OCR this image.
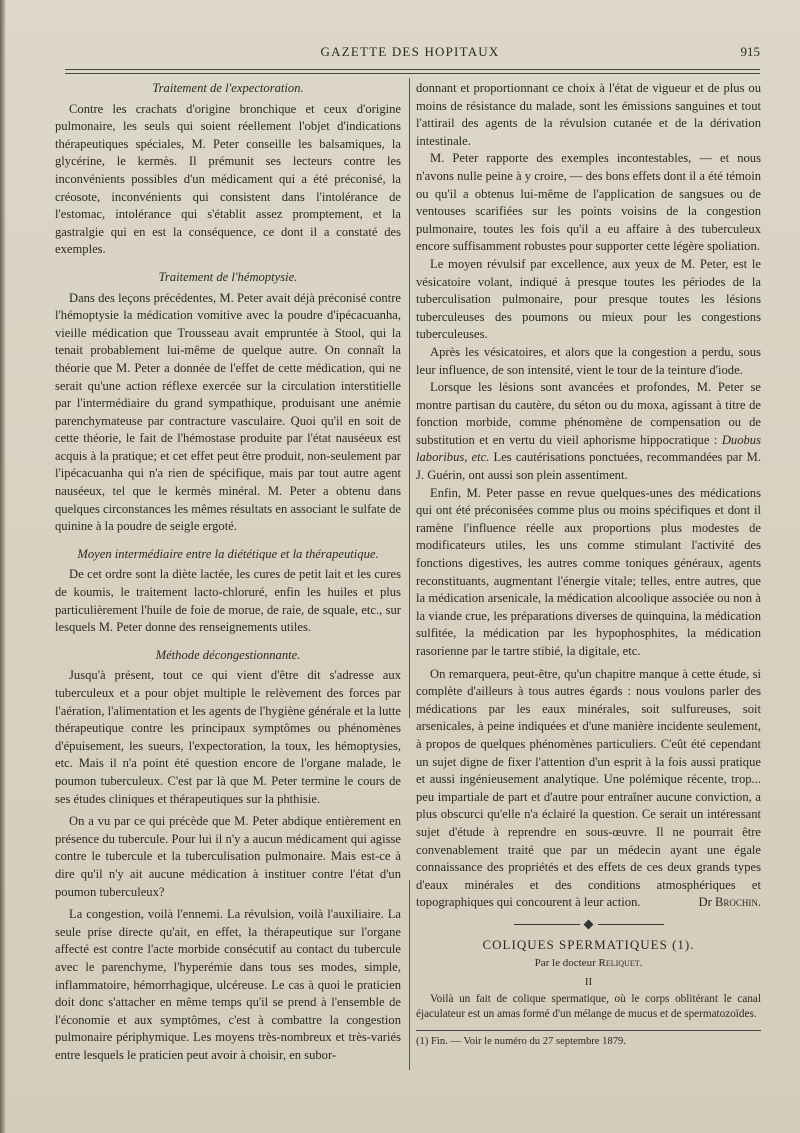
GAZETTE DES HOPITAUX	915
Traitement de l'expectoration.

Contre les crachats d'origine bronchique et ceux d'origine pulmonaire, les seuls qui soient réellement l'objet d'indications thérapeutiques spéciales, M. Peter conseille les balsamiques, la glycérine, le kermès. Il prémunit ses lecteurs contre les inconvénients possibles d'un médicament qui a été préconisé, la créosote, inconvénients qui consistent dans l'intolérance de l'estomac, intolérance qui s'établit assez promptement, et la gastralgie qui en est la conséquence, ce dont il a constaté des exemples.

Traitement de l'hémoptysie.

Dans des leçons précédentes, M. Peter avait déjà préconisé contre l'hémoptysie la médication vomitive avec la poudre d'ipécacuanha, vieille médication que Trousseau avait empruntée à Stool, qui la tenait probablement lui-même de quelque autre. On connaît la théorie que M. Peter a donnée de l'effet de cette médication, qui ne serait qu'une action réflexe exercée sur la circulation interstitielle par l'intermédiaire du grand sympathique, produisant une anémie parenchymateuse par contracture vasculaire. Quoi qu'il en soit de cette théorie, le fait de l'hémostase produite par l'état nauséeux est acquis à la pratique; et cet effet peut être produit, non-seulement par l'ipécacuanha qui n'a rien de spécifique, mais par tout autre agent nauséeux, tel que le kermès minéral. M. Peter a obtenu dans quelques circonstances les mêmes résultats en associant le sulfate de quinine à la poudre de seigle ergoté.

Moyen intermédiaire entre la diététique et la thérapeutique.

De cet ordre sont la diète lactée, les cures de petit lait et les cures de koumis, le traitement lacto-chloruré, enfin les huiles et plus particulièrement l'huile de foie de morue, de raie, de squale, etc., sur lesquels M. Peter donne des renseignements utiles.

Méthode décongestionnante.

Jusqu'à présent, tout ce qui vient d'être dit s'adresse aux tuberculeux et a pour objet multiple le relèvement des forces par l'aération, l'alimentation et les agents de l'hygiène générale et la lutte thérapeutique contre les principaux symptômes ou phénomènes d'épuisement, les sueurs, l'expectoration, la toux, les hémoptysies, etc. Mais il n'a point été question encore de l'organe malade, le poumon tuberculeux. C'est par là que M. Peter termine le cours de ses études cliniques et thérapeutiques sur la phthisie.

On a vu par ce qui précède que M. Peter abdique entièrement en présence du tubercule. Pour lui il n'y a aucun médicament qui agisse contre le tubercule et la tuberculisation pulmonaire. Mais est-ce à dire qu'il n'y ait aucune médication à instituer contre l'état d'un poumon tuberculeux?

La congestion, voilà l'ennemi. La révulsion, voilà l'auxiliaire. La seule prise directe qu'ait, en effet, la thérapeutique sur l'organe affecté est contre l'acte morbide consécutif au contact du tubercule avec le parenchyme, l'hyperémie dans tous ses modes, simple, inflammatoire, hémorrhagique, ulcéreuse. Le cas à quoi le praticien doit donc s'attacher en même temps qu'il se prend à l'ensemble de l'économie et aux symptômes, c'est à combattre la congestion pulmonaire périphymique. Les moyens très-nombreux et très-variés entre lesquels le praticien peut avoir à choisir, en subor-

donnant et proportionnant ce choix à l'état de vigueur et de plus ou moins de résistance du malade, sont les émissions sanguines et tout l'attirail des agents de la révulsion cutanée et de la dérivation intestinale.

M. Peter rapporte des exemples incontestables, — et nous n'avons nulle peine à y croire, — des bons effets dont il a été témoin ou qu'il a obtenus lui-même de l'application de sangsues ou de ventouses scarifiées sur les points voisins de la congestion pulmonaire, toutes les fois qu'il a eu affaire à des tuberculeux encore suffisamment robustes pour supporter cette légère spoliation.

Le moyen révulsif par excellence, aux yeux de M. Peter, est le vésicatoire volant, indiqué à presque toutes les périodes de la tuberculisation pulmonaire, pour presque toutes les lésions tuberculeuses des poumons ou mieux pour les congestions tuberculeuses.

Après les vésicatoires, et alors que la congestion a perdu, sous leur influence, de son intensité, vient le tour de la teinture d'iode.

Lorsque les lésions sont avancées et profondes, M. Peter se montre partisan du cautère, du séton ou du moxa, agissant à titre de fonction morbide, comme phénomène de compensation ou de substitution et en vertu du vieil aphorisme hippocratique : Duobus laboribus, etc. Les cautérisations ponctuées, recommandées par M. J. Guérin, ont aussi son plein assentiment.

Enfin, M. Peter passe en revue quelques-unes des médications qui ont été préconisées comme plus ou moins spécifiques et dont il ramène l'influence réelle aux proportions plus modestes de modificateurs utiles, les uns comme stimulant l'activité des fonctions digestives, les autres comme toniques généraux, agents reconstituants, augmentant l'énergie vitale; telles, entre autres, que la médication arsenicale, la médication alcoolique associée ou non à la viande crue, les préparations diverses de quinquina, la médication sulfitée, la médication par les hypophosphites, la médication rasorienne par le tartre stibié, la digitale, etc.

On remarquera, peut-être, qu'un chapitre manque à cette étude, si complète d'ailleurs à tous autres égards : nous voulons parler des médications par les eaux minérales, soit sulfureuses, soit arsenicales, à peine indiquées et d'une manière incidente seulement, à propos de quelques phénomènes particuliers. C'eût été cependant un sujet digne de fixer l'attention d'un esprit à la fois aussi pratique et aussi ingénieusement analytique. Une polémique récente, trop... peu impartiale de part et d'autre pour entraîner aucune conviction, a plus obscurci qu'elle n'a éclairé la question. Ce serait un intéressant sujet d'étude à reprendre en sous-œuvre. Il ne pourrait être convenablement traité que par un médecin ayant une égale connaissance des propriétés et des effets de ces deux grands types d'eaux minérales et des conditions atmosphériques et topographiques qui concourent à leur action.	Dr Brochin.
COLIQUES SPERMATIQUES (1).
Par le docteur Reliquet.
II

Voilà un fait de colique spermatique, où le corps oblitérant le canal éjaculateur est un amas formé d'un mélange de mucus et de spermatozoïdes.

(1) Fin. — Voir le numéro du 27 septembre 1879.
